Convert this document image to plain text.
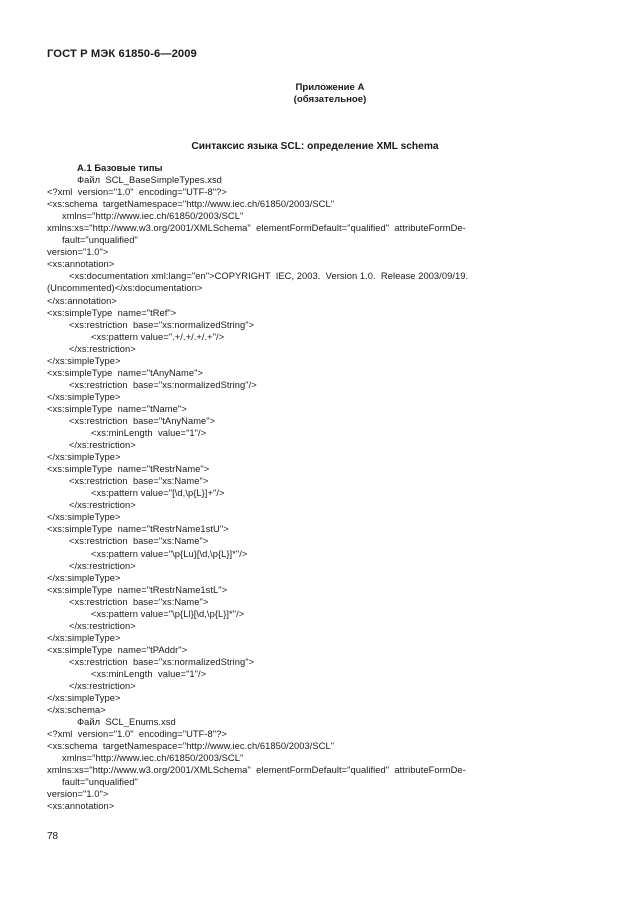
ГОСТ Р МЭК 61850-6—2009
Приложение А
(обязательное)
Синтаксис языка SCL: определение XML schema
A.1 Базовые типы
Файл  SCL_BaseSimpleTypes.xsd
<?xml  version="1.0"  encoding="UTF-8"?>
<xs:schema  targetNamespace="http://www.iec.ch/61850/2003/SCL"
xmlns="http://www.iec.ch/61850/2003/SCL"
xmlns:xs="http://www.w3.org/2001/XMLSchema"  elementFormDefault="qualified"  attributeFormDe-
fault="unqualified"
version="1.0">
<xs:annotation>
<xs:documentation xml:lang="en">COPYRIGHT  IEC, 2003.  Version 1.0.  Release 2003/09/19.
(Uncommented)</xs:documentation>
</xs:annotation>
<xs:simpleType  name="tRef">
<xs:restriction  base="xs:normalizedString">
<xs:pattern value=".+/.+/.+/.+"/>
</xs:restriction>
</xs:simpleType>
<xs:simpleType  name="tAnyName">
<xs:restriction  base="xs:normalizedString"/>
</xs:simpleType>
<xs:simpleType  name="tName">
<xs:restriction  base="tAnyName">
<xs:minLength  value="1"/>
</xs:restriction>
</xs:simpleType>
<xs:simpleType  name="tRestrName">
<xs:restriction  base="xs:Name">
<xs:pattern value="[\d,\p{L}]+"/>
</xs:restriction>
</xs:simpleType>
<xs:simpleType  name="tRestrName1stU">
<xs:restriction  base="xs:Name">
<xs:pattern value="\p{Lu}[\d,\p{L}]*"/>
</xs:restriction>
</xs:simpleType>
<xs:simpleType  name="tRestrName1stL">
<xs:restriction  base="xs:Name">
<xs:pattern value="\p{Ll}[\d,\p{L}]*"/>
</xs:restriction>
</xs:simpleType>
<xs:simpleType  name="tPAddr">
<xs:restriction  base="xs:normalizedString">
<xs:minLength  value="1"/>
</xs:restriction>
</xs:simpleType>
</xs:schema>
Файл  SCL_Enums.xsd
<?xml  version="1.0"  encoding="UTF-8"?>
<xs:schema  targetNamespace="http://www.iec.ch/61850/2003/SCL"
xmlns="http://www.iec.ch/61850/2003/SCL"
xmlns:xs="http://www.w3.org/2001/XMLSchema"  elementFormDefault="qualified"  attributeFormDe-
fault="unqualified"
version="1.0">
<xs:annotation>
78
